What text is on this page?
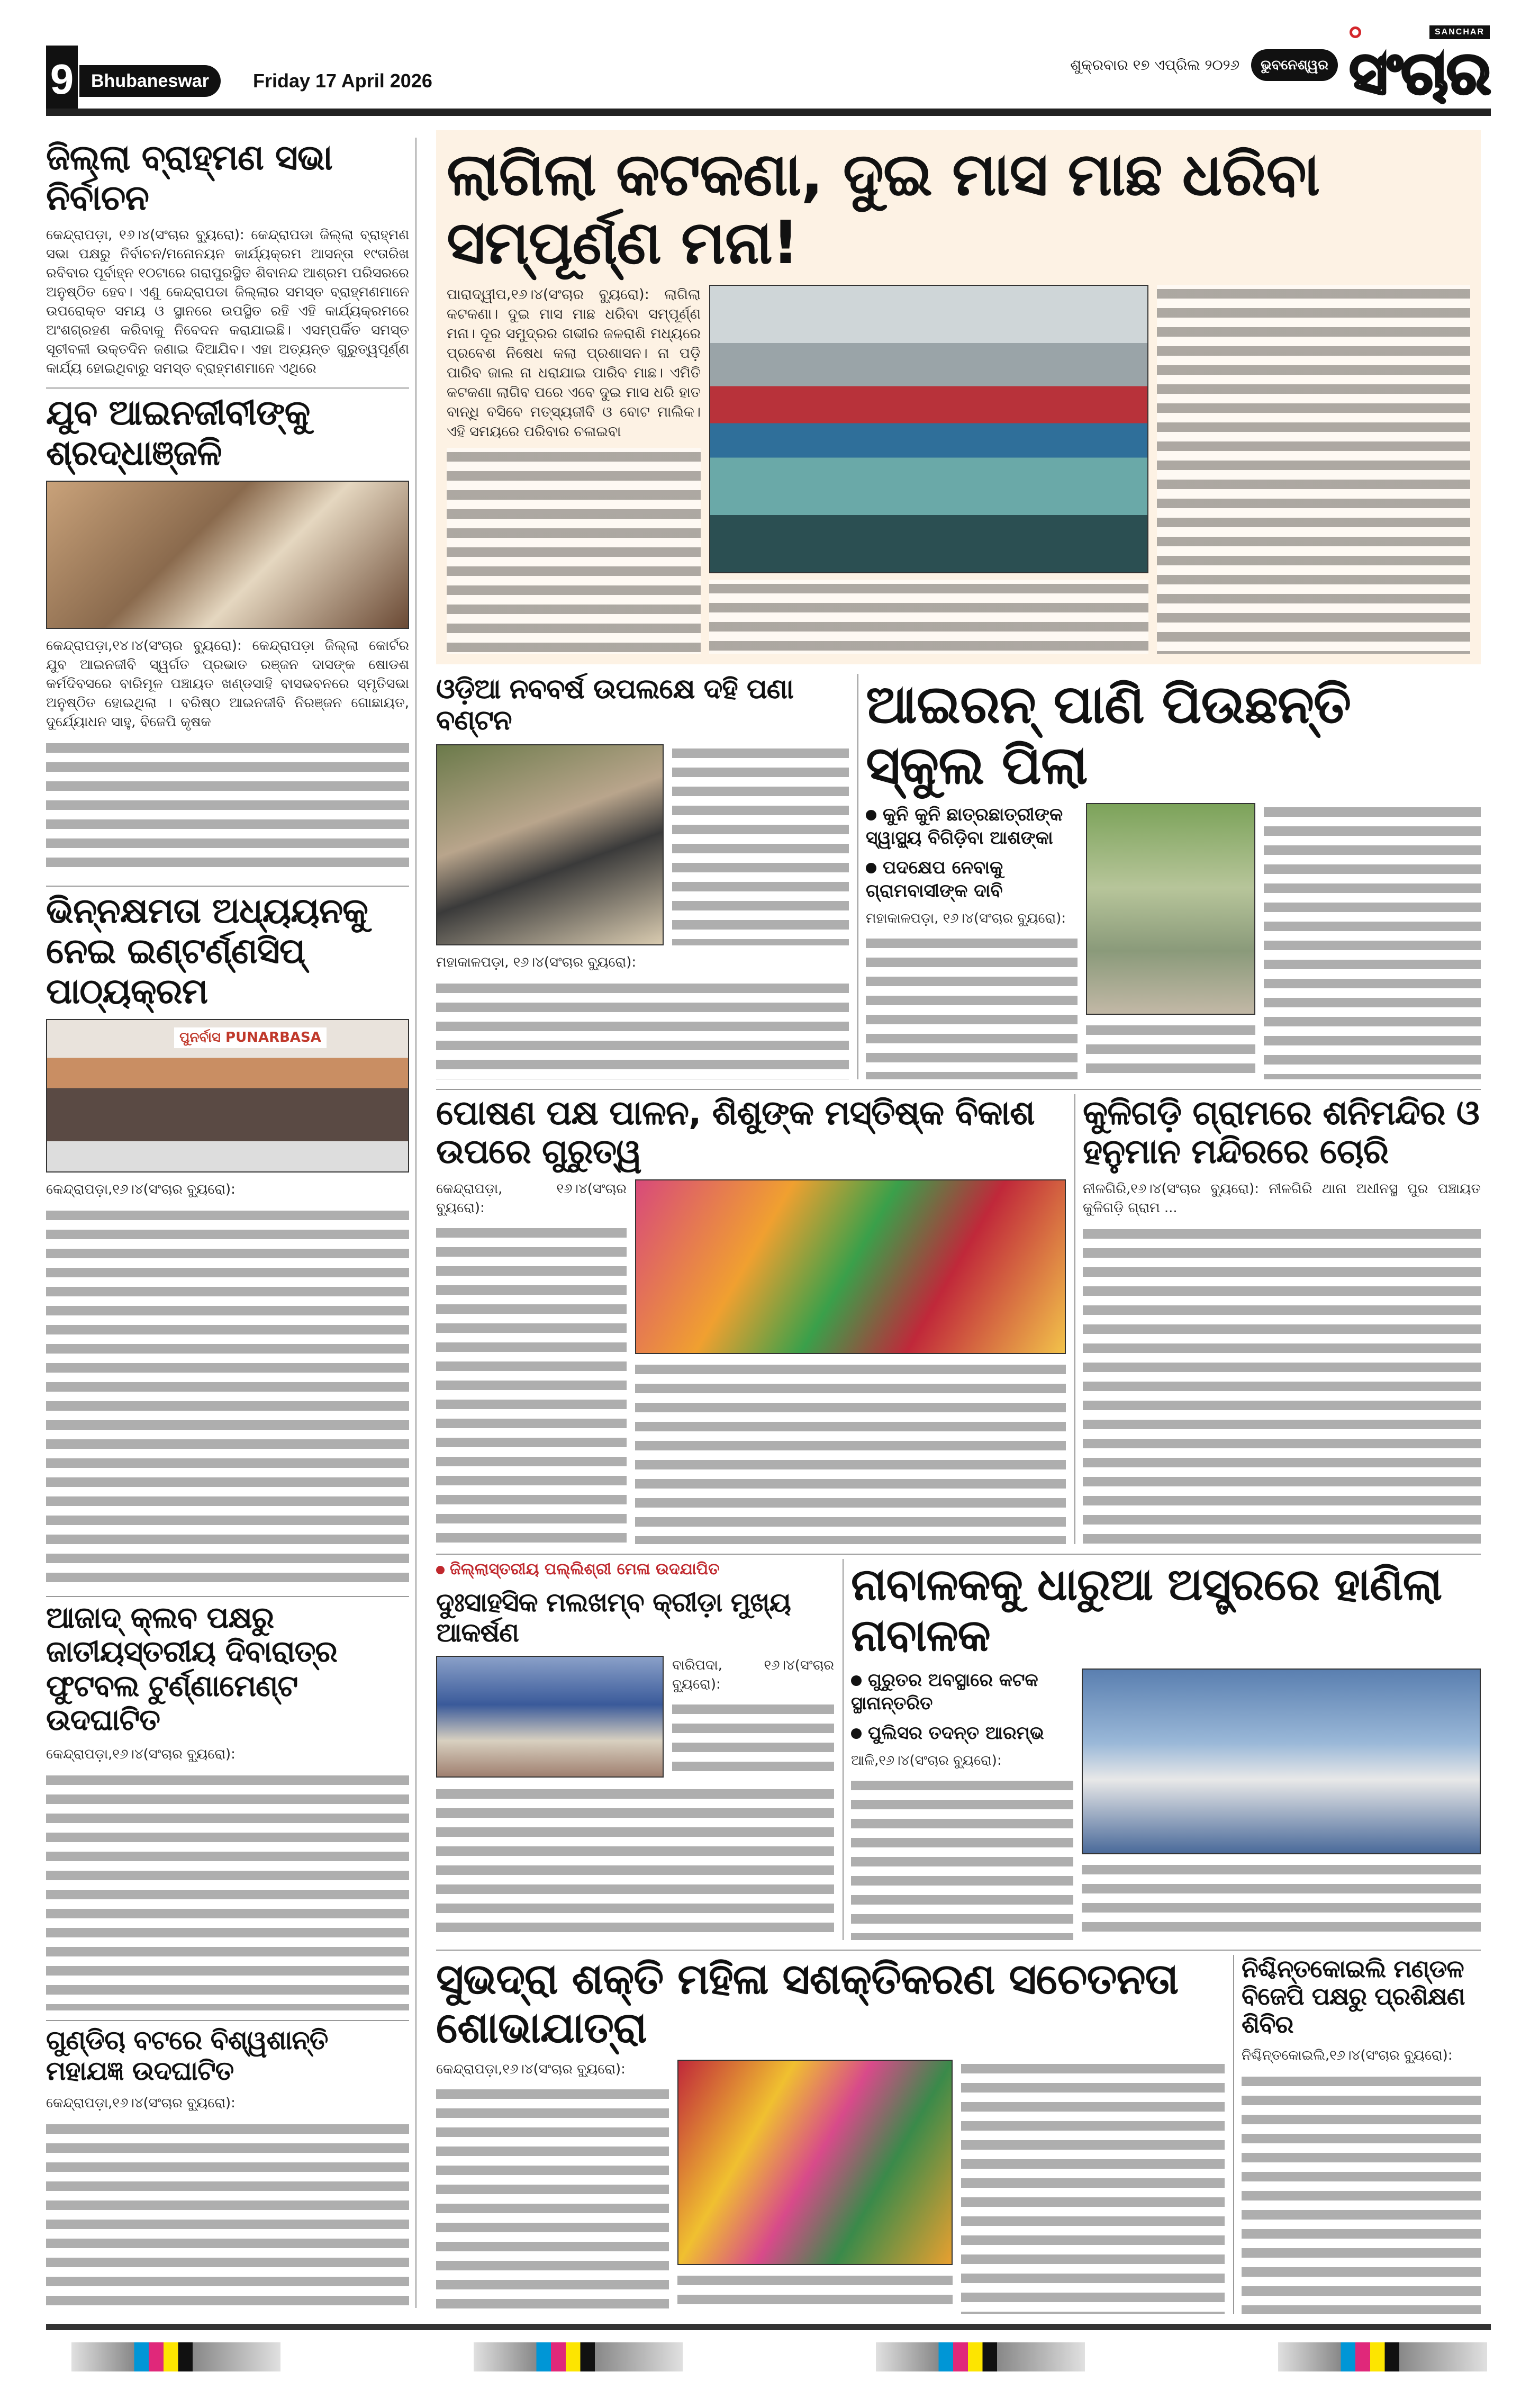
9 Bhubaneswar	Friday 17 April 2026
ଶୁକ୍ରବାର ୧୭ ଏପ୍ରିଲ ୨୦୨୬	ଭୁବନେଶ୍ୱର
SANCHAR
ସଂଚାର
ଜିଲ୍ଲା ବ୍ରାହ୍ମଣ ସଭା ନିର୍ବାଚନ
କେନ୍ଦ୍ରାପଡ଼ା, ୧୬।୪(ସଂଚାର ବ୍ୟୁରୋ): କେନ୍ଦ୍ରାପଡା ଜିଲ୍ଲା ବ୍ରାହ୍ମଣ ସଭା ପକ୍ଷରୁ ନିର୍ବାଚନ/ମନୋନୟନ କାର୍ଯ୍ୟକ୍ରମ ଆସନ୍ତା ୧୯ତାରିଖ ରବିବାର ପୂର୍ବାହ୍ନ ୧୦ଟାରେ ଗରାପୁରସ୍ଥିତ ଶିବାନନ୍ଦ ଆଶ୍ରମ ପରିସରରେ ଅନୁଷ୍ଠିତ ହେବ। ଏଣୁ କେନ୍ଦ୍ରାପଡା ଜିଲ୍ଲାର ସମସ୍ତ ବ୍ରାହ୍ମଣମାନେ ଉପରୋକ୍ତ ସମୟ ଓ ସ୍ଥାନରେ ଉପସ୍ଥିତ ରହି ଏହି କାର୍ଯ୍ୟକ୍ରମରେ ଅଂଶଗ୍ରହଣ କରିବାକୁ ନିବେଦନ କରାଯାଇଛି। ଏସମ୍ପର୍କିତ ସମସ୍ତ ସୂଚୀବଳୀ ଉକ୍ତଦିନ ଜଣାଇ ଦିଆଯିବ। ଏହା ଅତ୍ୟନ୍ତ ଗୁରୁତ୍ୱପୂର୍ଣ୍ଣ କାର୍ଯ୍ୟ ହୋଇଥିବାରୁ ସମସ୍ତ ବ୍ରାହ୍ମଣମାନେ ଏଥିରେ
ଯୁବ ଆଇନଜୀବୀଙ୍କୁ ଶ୍ରଦ୍ଧାଞ୍ଜଳି
କେନ୍ଦ୍ରାପଡ଼ା,୧୪।୪(ସଂଚାର ବ୍ୟୁରୋ): କେନ୍ଦ୍ରାପଡ଼ା ଜିଲ୍ଲା କୋର୍ଟର ଯୁବ ଆଇନଜୀବି ସ୍ୱର୍ଗତ ପ୍ରଭାତ ରଞ୍ଜନ ଦାସଙ୍କ ଷୋଡଶ କର୍ମଦିବସରେ ବାରିମୂଳ ପଞ୍ଚାୟତ ଖଣ୍ଡସାହି ବାସଭବନରେ ସ୍ମୃତିସଭା ଅନୁଷ୍ଠିତ ହୋଇଥିଲା । ବରିଷ୍ଠ ଆଇନଜୀବି ନିରଞ୍ଜନ ଗୋଛାୟତ, ଦୁର୍ଯ୍ୟୋଧନ ସାହୁ, ବିଜେପି କୃଷକ
ଭିନ୍ନକ୍ଷମତା ଅଧ୍ୟୟନକୁ ନେଇ ଇଣ୍ଟର୍ଣ୍ଣସିପ୍ ପାଠ୍ୟକ୍ରମ
ପୁନର୍ବାସ PUNARBASA
କେନ୍ଦ୍ରାପଡ଼ା,୧୬।୪(ସଂଚାର ବ୍ୟୁରୋ):
ଆଜାଦ୍ କ୍ଲବ ପକ୍ଷରୁ ଜାତୀୟସ୍ତରୀୟ ଦିବାରାତ୍ର ଫୁଟବଲ ଟୁର୍ଣ୍ଣାମେଣ୍ଟ ଉଦଘାଟିତ
କେନ୍ଦ୍ରାପଡ଼ା,୧୬।୪(ସଂଚାର ବ୍ୟୁରୋ):
ଗୁଣ୍ଡିଚା ବଟରେ ବିଶ୍ୱଶାନ୍ତି ମହାଯଜ୍ଞ ଉଦଘାଟିତ
କେନ୍ଦ୍ରାପଡ଼ା,୧୬।୪(ସଂଚାର ବ୍ୟୁରୋ):
ଲାଗିଲା କଟକଣା, ଦୁଇ ମାସ ମାଛ ଧରିବା ସମ୍ପୂର୍ଣ୍ଣ ମନା!
ପାରାଦ୍ୱୀପ,୧୬।୪(ସଂଚାର ବ୍ୟୁରୋ): ଲାଗିଲା କଟକଣା। ଦୁଇ ମାସ ମାଛ ଧରିବା ସମ୍ପୂର୍ଣ୍ଣ ମନା। ଦୂର ସମୁଦ୍ରର ଗଭୀର ଜଳରାଶି ମଧ୍ୟରେ ପ୍ରବେଶ ନିଷେଧ କଲା ପ୍ରଶାସନ। ନା ପଡ଼ି ପାରିବ ଜାଲ ନା ଧରାଯାଇ ପାରିବ ମାଛ। ଏମିତି କଟକଣା ଲାଗିବ ପରେ ଏବେ ଦୁଇ ମାସ ଧରି ହାତ ବାନ୍ଧି ବସିବେ ମତ୍ସ୍ୟଜୀବି ଓ ବୋଟ ମାଲିକ। ଏହି ସମୟରେ ପରିବାର ଚଳାଇବା
ଓଡ଼ିଆ ନବବର୍ଷ ଉପଲକ୍ଷେ ଦହି ପଣା ବଣ୍ଟନ
ମହାକାଳପଡ଼ା, ୧୬।୪(ସଂଚାର ବ୍ୟୁରୋ):
ଆଇରନ୍ ପାଣି ପିଉଛନ୍ତି ସ୍କୁଲ ପିଲା
କୁନି କୁନି ଛାତ୍ରଛାତ୍ରୀଙ୍କ ସ୍ୱାସ୍ଥ୍ୟ ବିଗିଡ଼ିବା ଆଶଙ୍କା
ପଦକ୍ଷେପ ନେବାକୁ ଗ୍ରାମବାସୀଙ୍କ ଦାବି
ମହାକାଳପଡ଼ା, ୧୬।୪(ସଂଚାର ବ୍ୟୁରୋ):
ପୋଷଣ ପକ୍ଷ ପାଳନ, ଶିଶୁଙ୍କ ମସ୍ତିଷ୍କ ବିକାଶ ଉପରେ ଗୁରୁତ୍ୱ
କେନ୍ଦ୍ରାପଡ଼ା, ୧୬।୪(ସଂଚାର ବ୍ୟୁରୋ):
କୁଳିଗଡ଼ି ଗ୍ରାମରେ ଶନିମନ୍ଦିର ଓ ହନୁମାନ ମନ୍ଦିରରେ ଚୋରି
ନୀଳଗିରି,୧୬।୪(ସଂଚାର ବ୍ୟୁରୋ): ନୀଳଗିରି ଥାନା ଅଧୀନସ୍ଥ ପୁର ପଞ୍ଚାୟତ କୁଳିଗଡ଼ି ଗ୍ରାମ ...
ଜିଲ୍ଲାସ୍ତରୀୟ ପଲ୍ଲିଶ୍ରୀ ମେଳା ଉଦଯାପିତ
ଦୁଃସାହସିକ ମଲଖମ୍ବ କ୍ରୀଡ଼ା ମୁଖ୍ୟ ଆକର୍ଷଣ
ବାରିପଦା, ୧୬।୪(ସଂଚାର ବ୍ୟୁରୋ):
ନାବାଳକକୁ ଧାରୁଆ ଅସ୍ତ୍ରରେ ହାଣିଲା ନାବାଳକ
ଗୁରୁତର ଅବସ୍ଥାରେ କଟକ ସ୍ଥାନାନ୍ତରିତ
ପୁଲିସର ତଦନ୍ତ ଆରମ୍ଭ
ଆଳି,୧୬।୪(ସଂଚାର ବ୍ୟୁରୋ):
ସୁଭଦ୍ରା ଶକ୍ତି ମହିଳା ସଶକ୍ତିକରଣ ସଚେତନତା ଶୋଭାଯାତ୍ରା
କେନ୍ଦ୍ରାପଡ଼ା,୧୬।୪(ସଂଚାର ବ୍ୟୁରୋ):
ନିଶ୍ଚିନ୍ତକୋଇଲି ମଣ୍ଡଳ ବିଜେପି ପକ୍ଷରୁ ପ୍ରଶିକ୍ଷଣ ଶିବିର
ନିଶ୍ଚିନ୍ତକୋଇଲି,୧୬।୪(ସଂଚାର ବ୍ୟୁରୋ):
